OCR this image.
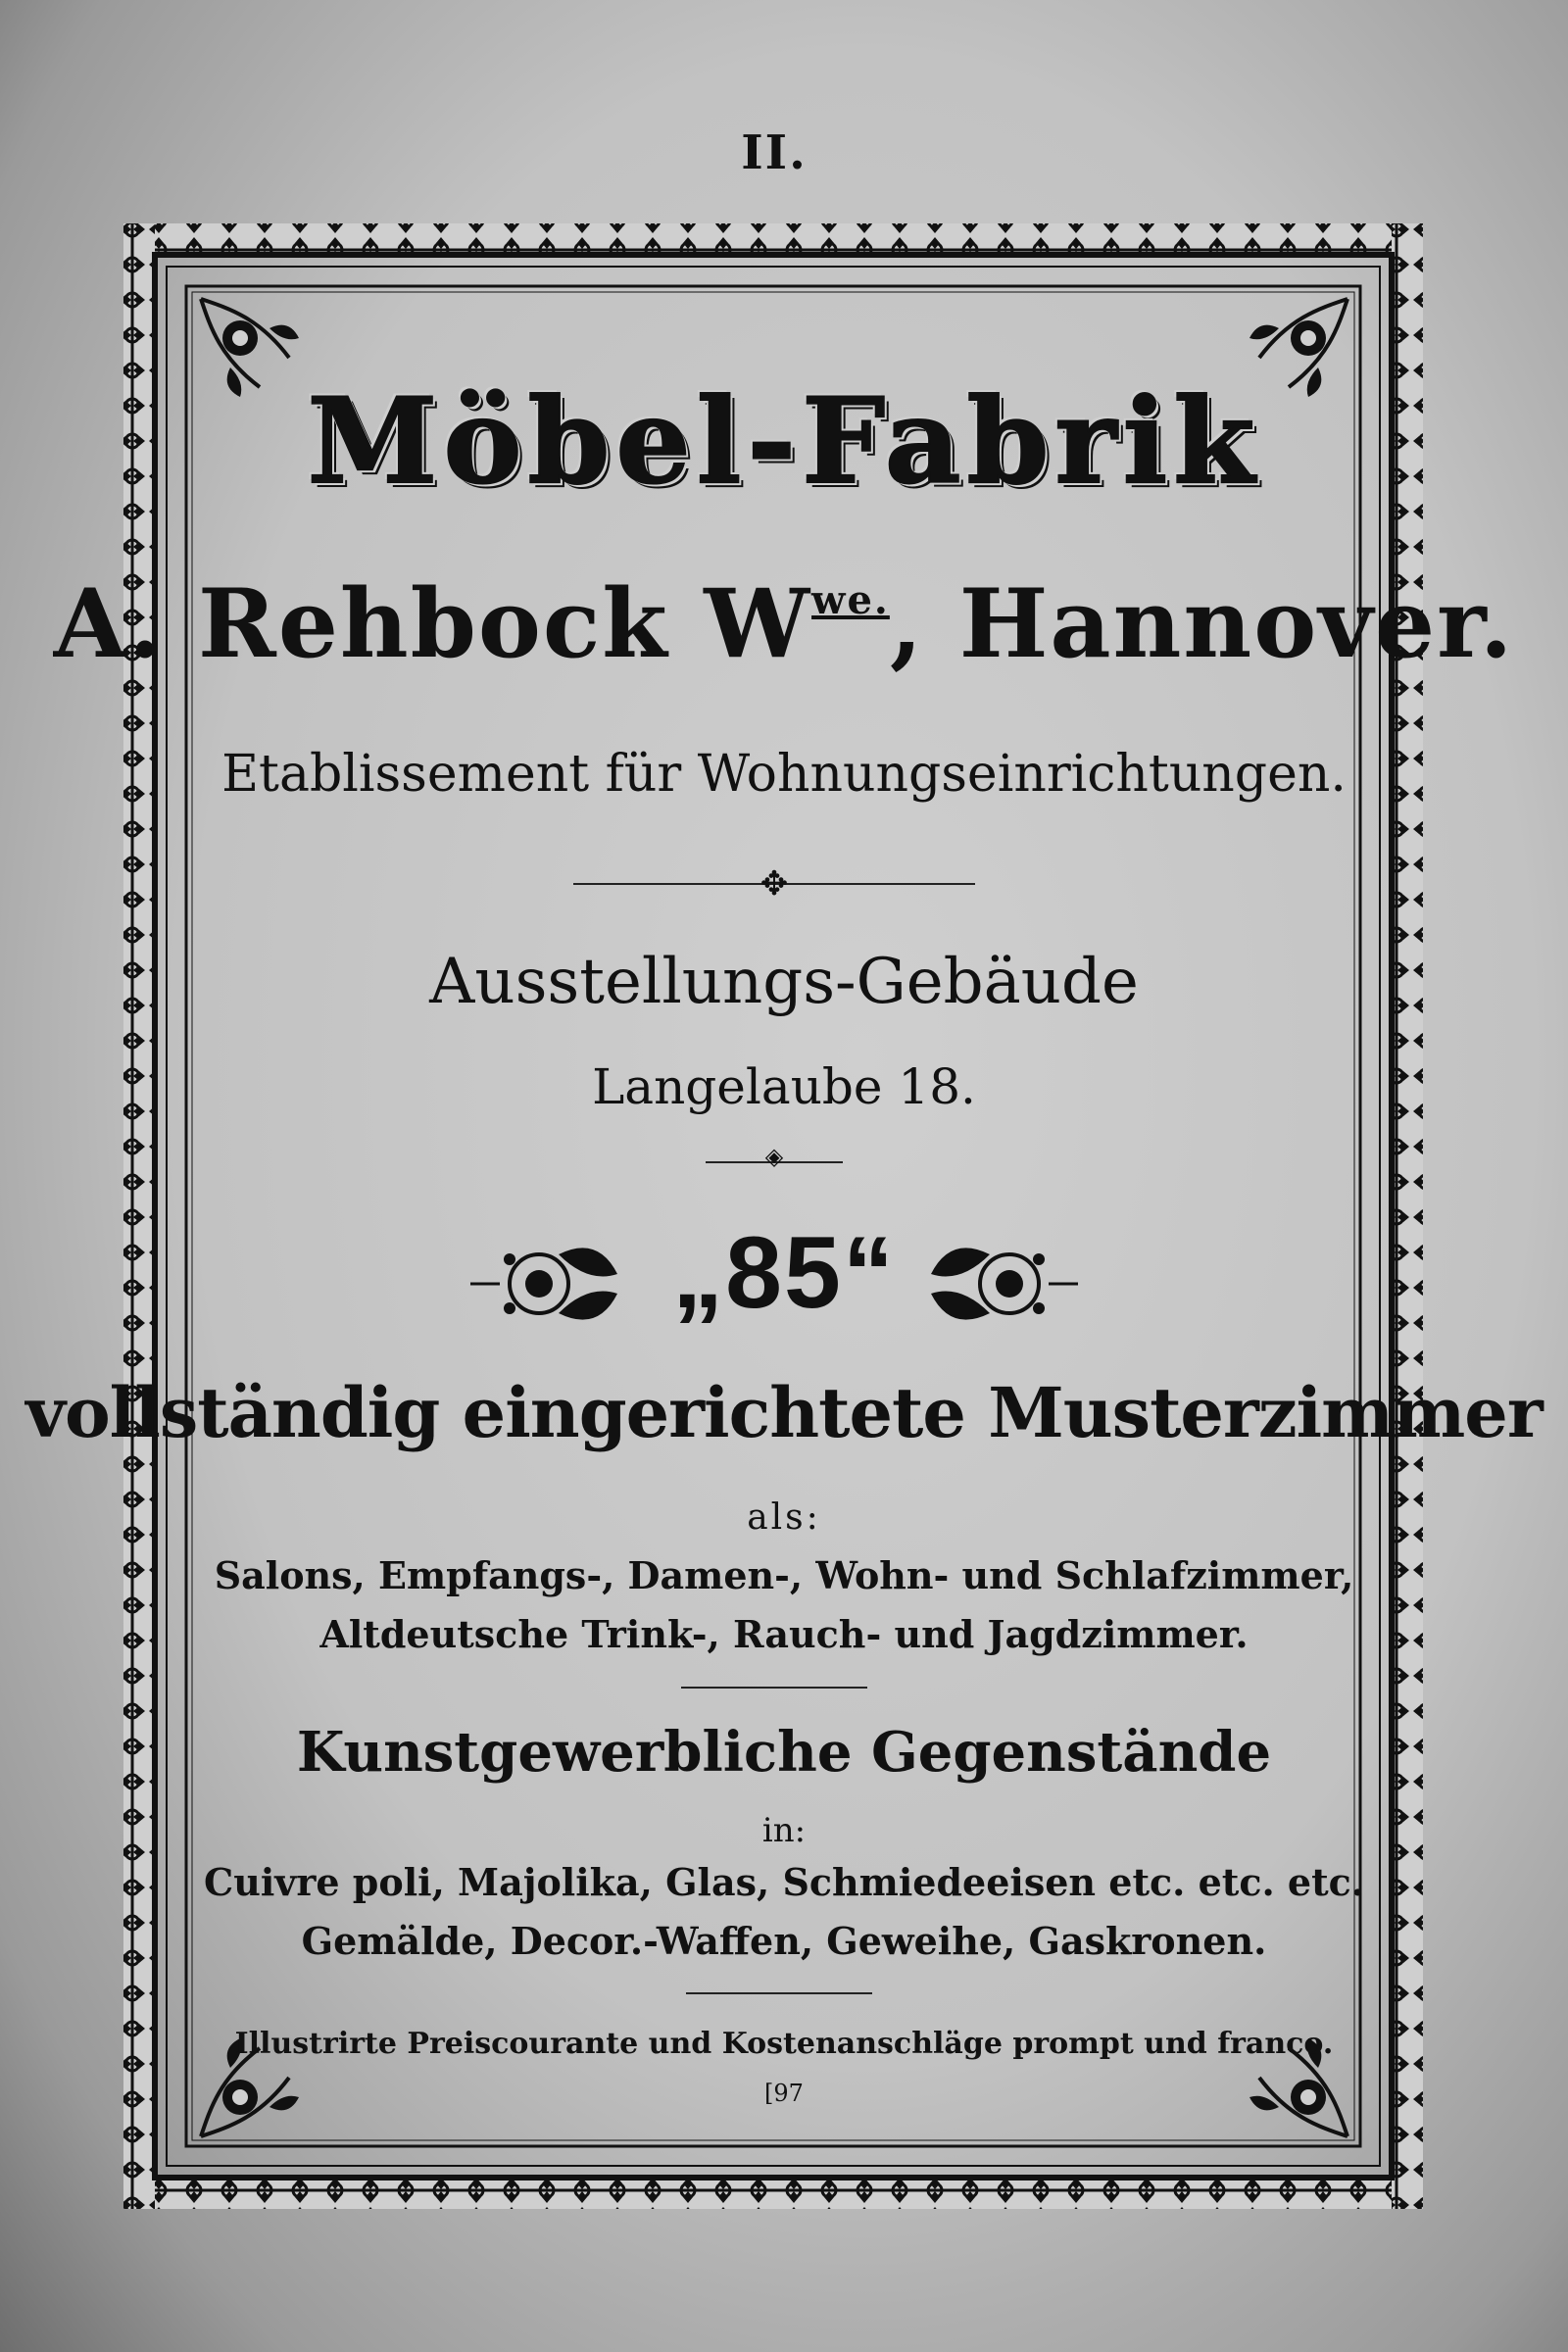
II.
Möbel-Fabrik
A. Rehbock $W^{we.}$, Hannover.
Etablissement für Wohnungseinrichtungen.
✥
Ausstellungs-Gebäude
Langelaube 18.
◈
„85“
vollständig eingerichtete Musterzimmer
als:
Salons, Empfangs-, Damen-, Wohn- und Schlafzimmer,
Altdeutsche Trink-, Rauch- und Jagdzimmer.
Kunstgewerbliche Gegenstände
in:
Cuivre poli, Majolika, Glas, Schmiedeeisen etc. etc. etc.
Gemälde, Decor.-Waffen, Geweihe, Gaskronen.
Illustrirte Preiscourante und Kostenanschläge prompt und franco.
[97
